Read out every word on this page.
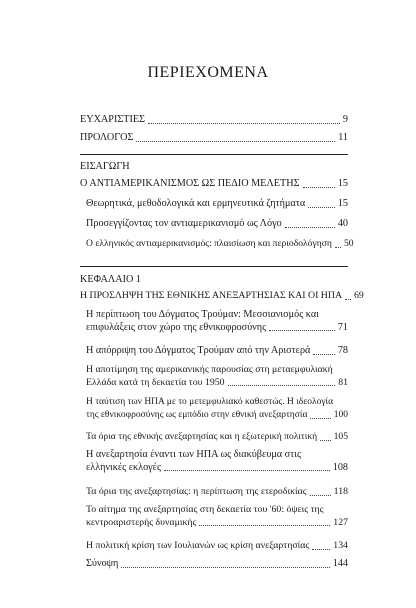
ΠΕΡΙΕΧΟΜΕΝΑ
ΕΥΧΑΡΙΣΤΙΕΣ	9
ΠΡΟΛΟΓΟΣ	11
ΕΙΣΑΓΩΓΗ
Ο ΑΝΤΙΑΜΕΡΙΚΑΝΙΣΜΟΣ ΩΣ ΠΕΔΙΟ ΜΕΛΕΤΗΣ	15
Θεωρητικά, μεθοδολογικά και ερμηνευτικά ζητήματα	15
Προσεγγίζοντας τον αντιαμερικανισμό ως Λόγο	40
Ο ελληνικός αντιαμερικανισμός: πλαισίωση και περιοδολόγηση 50
ΚΕΦΑΛΑΙΟ 1
Η ΠΡΟΣΛΗΨΗ ΤΗΣ ΕΘΝΙΚΗΣ ΑΝΕΞΑΡΤΗΣΙΑΣ ΚΑΙ ΟΙ ΗΠΑ 69
Η περίπτωση του Δόγματος Τρούμαν: Μεσσιανισμός και
επιφυλάξεις στον χώρο της εθνικοφροσύνης	71
Η απόρριψη του Δόγματος Τρούμαν από την Αριστερά	78
Η αποτίμηση της αμερικανικής παρουσίας στη μεταεμφυλιακή
Ελλάδα κατά τη δεκαετία του 1950	81
Η ταύτιση των ΗΠΑ με το μετεμφυλιακό καθεστώς. Η ιδεολογία
της εθνικοφροσύνης ως εμπόδιο στην εθνική ανεξαρτησία	100
Τα όρια της εθνικής ανεξαρτησίας και η εξωτερική πολιτική 105
Η ανεξαρτησία έναντι των ΗΠΑ ως διακύβευμα στις
ελληνικές εκλογές	108
Τα όρια της ανεξαρτησίας: η περίπτωση της ετεροδικίας	118
Το αίτημα της ανεξαρτησίας στη δεκαετία του '60: όψεις της
κεντροαριστερής δυναμικής	127
Η πολιτική κρίση των Ιουλιανών ως κρίση ανεξαρτησίας 134
Σύνοψη	144
